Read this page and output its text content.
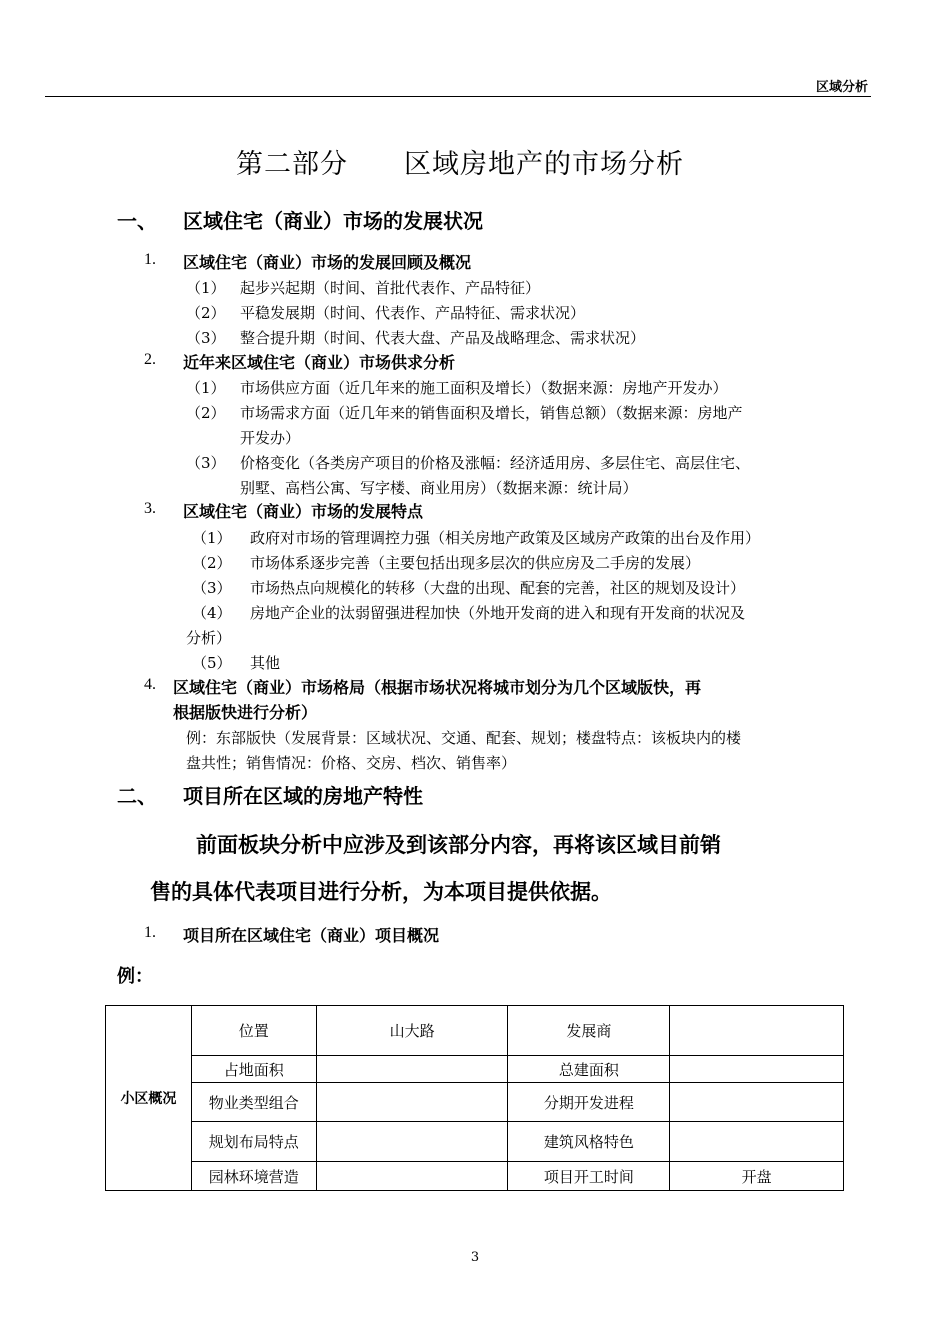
区域分析
第二部分　　区域房地产的市场分析
一、 区域住宅（商业）市场的发展状况
1. 区域住宅（商业）市场的发展回顾及概况
（1） 起步兴起期（时间、首批代表作、产品特征）
（2） 平稳发展期（时间、代表作、产品特征、需求状况）
（3） 整合提升期（时间、代表大盘、产品及战略理念、需求状况）
2. 近年来区域住宅（商业）市场供求分析
（1） 市场供应方面（近几年来的施工面积及增长）（数据来源：房地产开发办）
（2） 市场需求方面（近几年来的销售面积及增长，销售总额）（数据来源：房地产
开发办）
（3） 价格变化（各类房产项目的价格及涨幅：经济适用房、多层住宅、高层住宅、
别墅、高档公寓、写字楼、商业用房）（数据来源：统计局）
3. 区域住宅（商业）市场的发展特点
（1） 政府对市场的管理调控力强（相关房地产政策及区域房产政策的出台及作用）
（2） 市场体系逐步完善（主要包括出现多层次的供应房及二手房的发展）
（3） 市场热点向规模化的转移（大盘的出现、配套的完善，社区的规划及设计）
（4） 房地产企业的汰弱留强进程加快（外地开发商的进入和现有开发商的状况及
分析）
（5） 其他
4. 区域住宅（商业）市场格局（根据市场状况将城市划分为几个区域版快，再
根据版快进行分析）
例：东部版快（发展背景：区域状况、交通、配套、规划；楼盘特点：该板块内的楼
盘共性；销售情况：价格、交房、档次、销售率）
二、 项目所在区域的房地产特性
前面板块分析中应涉及到该部分内容，再将该区域目前销
售的具体代表项目进行分析，为本项目提供依据。
1. 项目所在区域住宅（商业）项目概况
例：
小区概况	位置	山大路	发展商	
	占地面积		总建面积	
	物业类型组合		分期开发进程	
	规划布局特点		建筑风格特色	
	园林环境营造		项目开工时间	开盘
3
